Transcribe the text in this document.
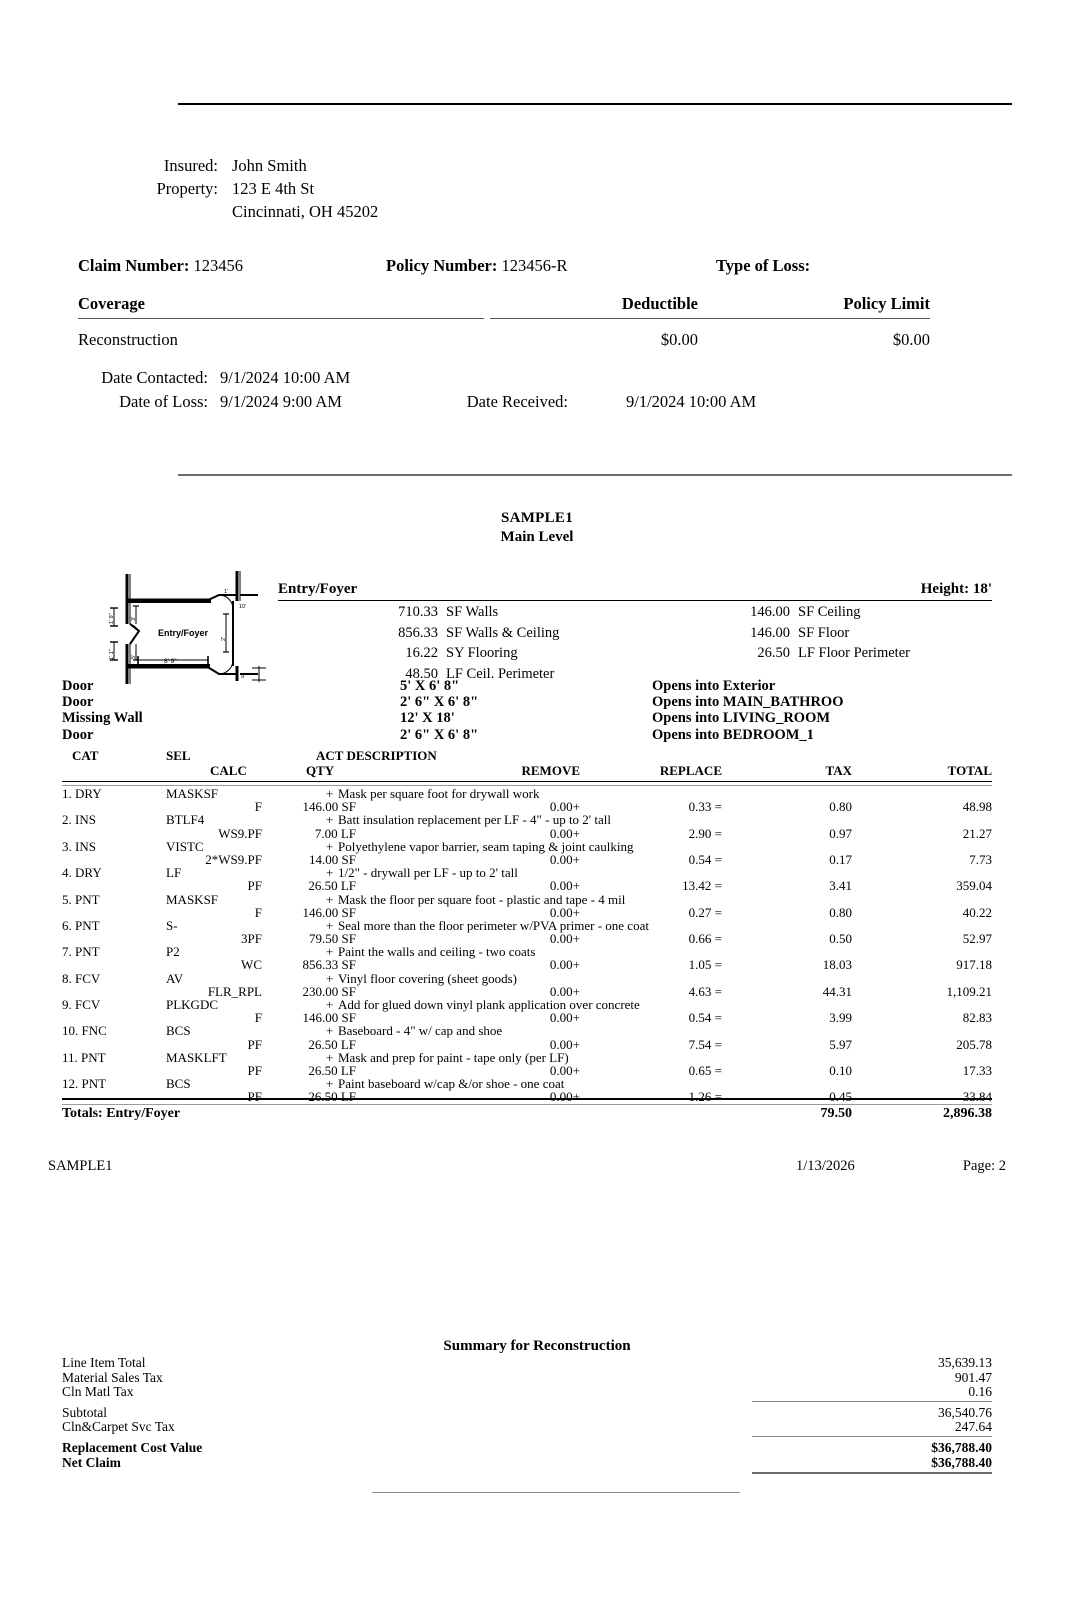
Insured: John Smith
Property: 123 E 4th St
Cincinnati, OH 45202
Claim Number: 123456	Policy Number: 123456-R	Type of Loss:
Coverage	Deductible	Policy Limit
Reconstruction	$0.00	$0.00
Date Contacted: 9/1/2024 10:00 AM
Date of Loss: 9/1/2024 9:00 AM	Date Received:	9/1/2024 10:00 AM
SAMPLE1
Main Level
Entry/Foyer
8' 9"
1' 9"
1' 1"
3'
5'
2'
1'
10'
9'
Entry/Foyer	Height: 18'
710.33 SF Walls	146.00 SF Ceiling
856.33 SF Walls & Ceiling	146.00 SF Floor
16.22 SY Flooring	26.50 LF Floor Perimeter
48.50 LF Ceil. Perimeter
Door	5' X 6' 8"	Opens into Exterior
Door	2' 6" X 6' 8"	Opens into MAIN_BATHROO
Missing Wall	12' X 18'	Opens into LIVING_ROOM
Door	2' 6" X 6' 8"	Opens into BEDROOM_1
CAT	SEL	ACT DESCRIPTION
CALC	QTY	REMOVE	REPLACE	TAX	TOTAL
1. DRY	MASKSF	+ Mask per square foot for drywall work
F	146.00 SF	0.00+	0.33 =	0.80	48.98
2. INS	BTLF4	+ Batt insulation replacement per LF - 4" - up to 2' tall
WS9.PF	7.00 LF	0.00+	2.90 =	0.97	21.27
3. INS	VISTC	+ Polyethylene vapor barrier, seam taping & joint caulking
2*WS9.PF	14.00 SF	0.00+	0.54 =	0.17	7.73
4. DRY	LF	+ 1/2" - drywall per LF - up to 2' tall
PF	26.50 LF	0.00+	13.42 =	3.41	359.04
5. PNT	MASKSF	+ Mask the floor per square foot - plastic and tape - 4 mil
F	146.00 SF	0.00+	0.27 =	0.80	40.22
6. PNT	S-	+ Seal more than the floor perimeter w/PVA primer - one coat
3PF	79.50 SF	0.00+	0.66 =	0.50	52.97
7. PNT	P2	+ Paint the walls and ceiling - two coats
WC	856.33 SF	0.00+	1.05 =	18.03	917.18
8. FCV	AV	+ Vinyl floor covering (sheet goods)
FLR_RPL	230.00 SF	0.00+	4.63 =	44.31	1,109.21
9. FCV	PLKGDC	+ Add for glued down vinyl plank application over concrete
F	146.00 SF	0.00+	0.54 =	3.99	82.83
10. FNC	BCS	+ Baseboard - 4" w/ cap and shoe
PF	26.50 LF	0.00+	7.54 =	5.97	205.78
11. PNT	MASKLFT	+ Mask and prep for paint - tape only (per LF)
PF	26.50 LF	0.00+	0.65 =	0.10	17.33
12. PNT	BCS	+ Paint baseboard w/cap &/or shoe - one coat
PF	26.50 LF	0.00+	1.26 =	0.45	33.84
Totals: Entry/Foyer	79.50	2,896.38
SAMPLE1	1/13/2026	Page: 2
Summary for Reconstruction
Line Item Total	35,639.13
Material Sales Tax	901.47
Cln Matl Tax	0.16
Subtotal	36,540.76
Cln&Carpet Svc Tax	247.64
Replacement Cost Value	$36,788.40
Net Claim	$36,788.40
